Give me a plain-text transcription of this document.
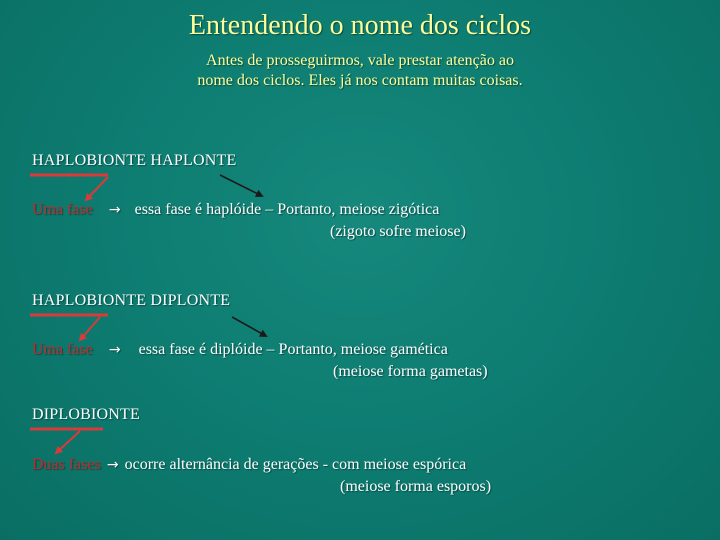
Entendendo o nome dos ciclos
Antes de prosseguirmos, vale prestar atenção ao
nome dos ciclos. Eles já nos contam muitas coisas.
HAPLOBIONTE HAPLONTE
Uma fase → essa fase é haplóide – Portanto, meiose zigótica
(zigoto sofre meiose)
HAPLOBIONTE DIPLONTE
Uma fase → essa fase é diplóide – Portanto, meiose gamética
(meiose forma gametas)
DIPLOBIONTE
Duas fases → ocorre alternância de gerações - com meiose espórica
(meiose forma esporos)
